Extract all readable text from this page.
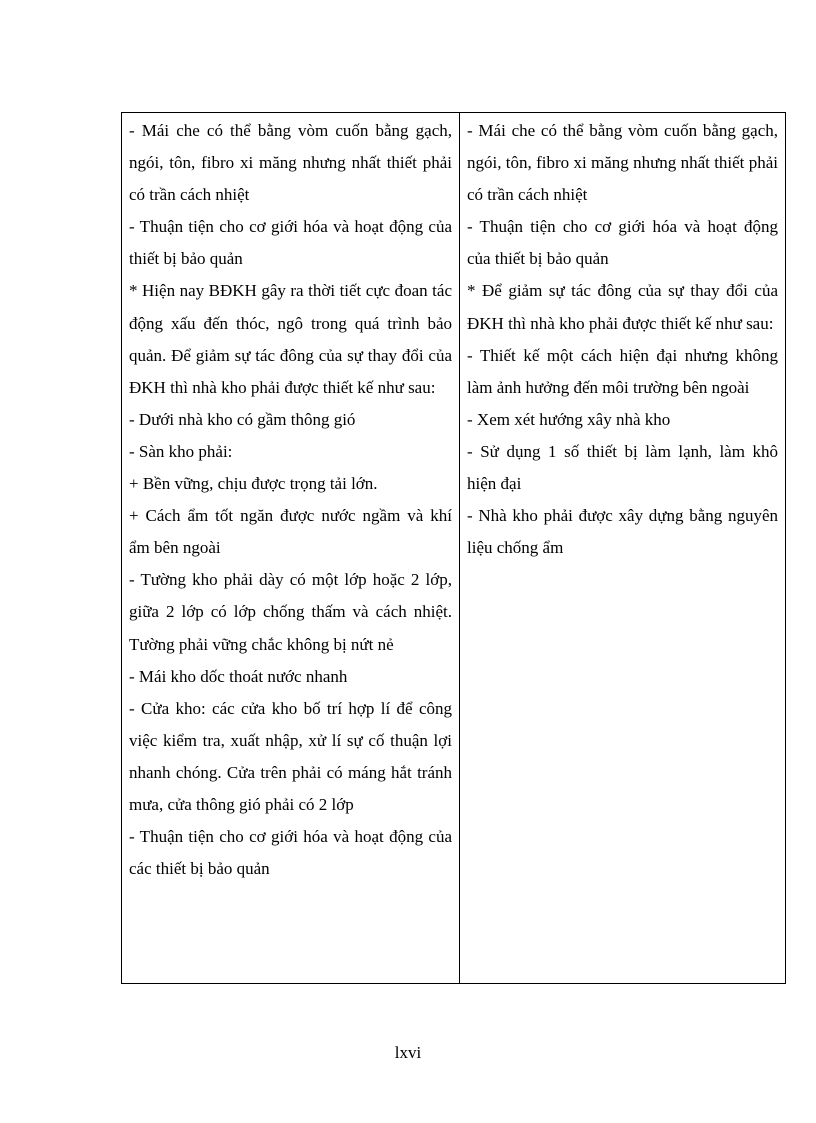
- Mái che có thể bằng vòm cuốn bằng gạch, ngói, tôn, fibro xi măng nhưng nhất thiết phải có trần cách nhiệt
- Thuận tiện cho cơ giới hóa và hoạt động của thiết bị bảo quản
* Hiện nay BĐKH gây ra thời tiết cực đoan tác động xấu đến thóc, ngô trong quá trình bảo quản. Để giảm sự tác đông của sự thay đổi của ĐKH thì nhà kho phải được thiết kế như sau:
- Dưới nhà kho có gầm thông gió
- Sàn kho phải:
+ Bền vững, chịu được trọng tải lớn.
+ Cách ẩm tốt ngăn được nước ngầm và khí ẩm bên ngoài
- Tường kho phải dày có một lớp hoặc 2 lớp, giữa 2 lớp có lớp chống thấm và cách nhiệt. Tường phải vững chắc không bị nứt nẻ
- Mái kho dốc thoát nước nhanh
- Cửa kho: các cửa kho bố trí hợp lí để công việc kiểm tra, xuất nhập, xử lí sự cố thuận lợi nhanh chóng. Cửa trên phải có máng hắt tránh mưa, cửa thông gió phải có 2 lớp
- Thuận tiện cho cơ giới hóa và hoạt động của các thiết bị bảo quản

- Mái che có thể bằng vòm cuốn bằng gạch, ngói, tôn, fibro xi măng nhưng nhất thiết phải có trần cách nhiệt
- Thuận tiện cho cơ giới hóa và hoạt động của thiết bị bảo quản
* Để giảm sự tác đông của sự thay đổi của ĐKH thì nhà kho phải được thiết kế như sau:
- Thiết kế một cách hiện đại nhưng không làm ảnh hưởng đến môi trường bên ngoài
- Xem xét hướng xây nhà kho
- Sử dụng 1 số thiết bị làm lạnh, làm khô hiện đại
- Nhà kho phải được xây dựng bằng nguyên liệu chống ẩm
lxvi
